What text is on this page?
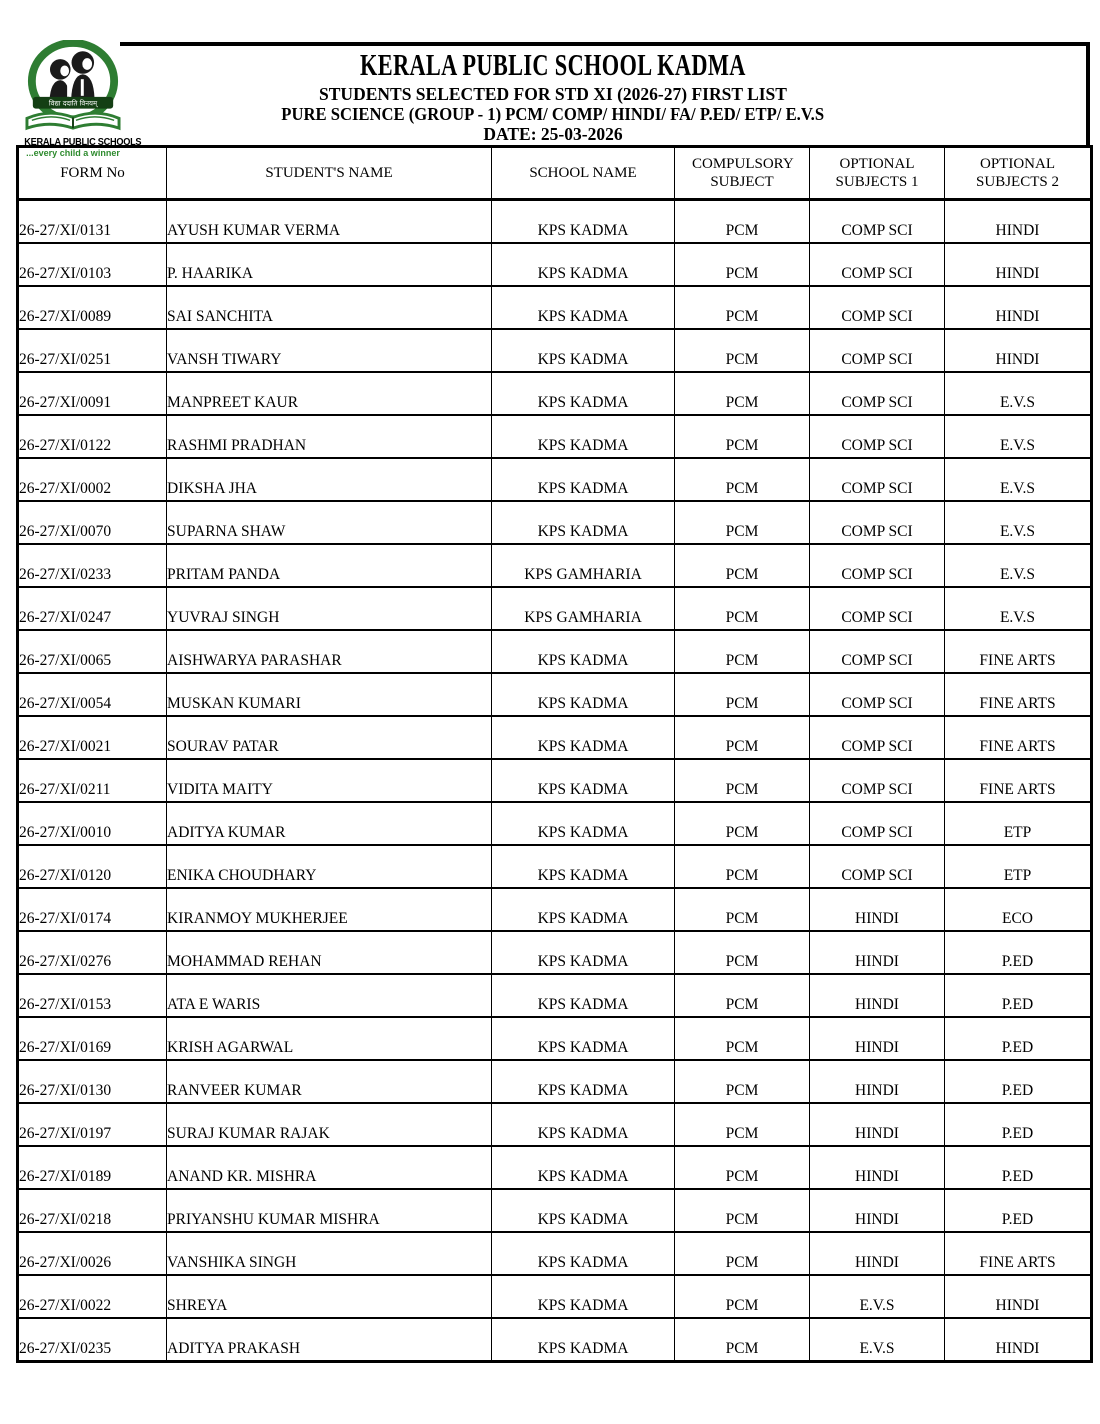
विद्या ददाति विनयम्
KERALA PUBLIC SCHOOLS
...every child a winner
KERALA PUBLIC SCHOOL KADMA
STUDENTS SELECTED FOR STD XI (2026-27) FIRST LIST
PURE SCIENCE (GROUP - 1) PCM/ COMP/ HINDI/ FA/ P.ED/ ETP/ E.V.S
DATE: 25-03-2026
FORM No	STUDENT'S NAME	SCHOOL NAME	COMPULSORY SUBJECT	OPTIONAL SUBJECTS 1	OPTIONAL SUBJECTS 2
26-27/XI/0131	AYUSH KUMAR VERMA	KPS KADMA	PCM	COMP SCI	HINDI
26-27/XI/0103	P. HAARIKA	KPS KADMA	PCM	COMP SCI	HINDI
26-27/XI/0089	SAI SANCHITA	KPS KADMA	PCM	COMP SCI	HINDI
26-27/XI/0251	VANSH TIWARY	KPS KADMA	PCM	COMP SCI	HINDI
26-27/XI/0091	MANPREET KAUR	KPS KADMA	PCM	COMP SCI	E.V.S
26-27/XI/0122	RASHMI PRADHAN	KPS KADMA	PCM	COMP SCI	E.V.S
26-27/XI/0002	DIKSHA JHA	KPS KADMA	PCM	COMP SCI	E.V.S
26-27/XI/0070	SUPARNA SHAW	KPS KADMA	PCM	COMP SCI	E.V.S
26-27/XI/0233	PRITAM PANDA	KPS GAMHARIA	PCM	COMP SCI	E.V.S
26-27/XI/0247	YUVRAJ SINGH	KPS GAMHARIA	PCM	COMP SCI	E.V.S
26-27/XI/0065	AISHWARYA PARASHAR	KPS KADMA	PCM	COMP SCI	FINE ARTS
26-27/XI/0054	MUSKAN KUMARI	KPS KADMA	PCM	COMP SCI	FINE ARTS
26-27/XI/0021	SOURAV PATAR	KPS KADMA	PCM	COMP SCI	FINE ARTS
26-27/XI/0211	VIDITA MAITY	KPS KADMA	PCM	COMP SCI	FINE ARTS
26-27/XI/0010	ADITYA KUMAR	KPS KADMA	PCM	COMP SCI	ETP
26-27/XI/0120	ENIKA CHOUDHARY	KPS KADMA	PCM	COMP SCI	ETP
26-27/XI/0174	KIRANMOY MUKHERJEE	KPS KADMA	PCM	HINDI	ECO
26-27/XI/0276	MOHAMMAD REHAN	KPS KADMA	PCM	HINDI	P.ED
26-27/XI/0153	ATA E WARIS	KPS KADMA	PCM	HINDI	P.ED
26-27/XI/0169	KRISH AGARWAL	KPS KADMA	PCM	HINDI	P.ED
26-27/XI/0130	RANVEER KUMAR	KPS KADMA	PCM	HINDI	P.ED
26-27/XI/0197	SURAJ KUMAR RAJAK	KPS KADMA	PCM	HINDI	P.ED
26-27/XI/0189	ANAND KR. MISHRA	KPS KADMA	PCM	HINDI	P.ED
26-27/XI/0218	PRIYANSHU KUMAR MISHRA	KPS KADMA	PCM	HINDI	P.ED
26-27/XI/0026	VANSHIKA SINGH	KPS KADMA	PCM	HINDI	FINE ARTS
26-27/XI/0022	SHREYA	KPS KADMA	PCM	E.V.S	HINDI
26-27/XI/0235	ADITYA PRAKASH	KPS KADMA	PCM	E.V.S	HINDI
